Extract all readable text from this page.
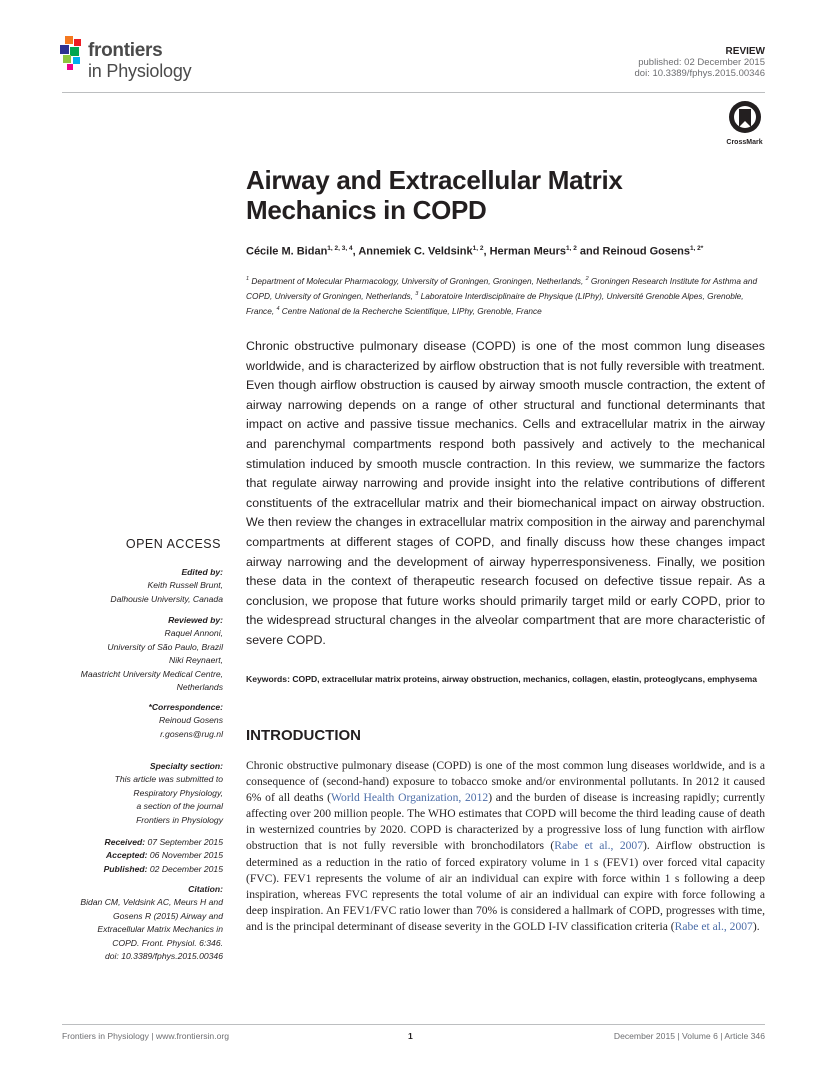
frontiers
in Physiology
REVIEW
published: 02 December 2015
doi: 10.3389/fphys.2015.00346
CrossMark
Airway and Extracellular Matrix
Mechanics in COPD
Cécile M. Bidan$^{1, 2, 3, 4}$, Annemiek C. Veldsink$^{1, 2}$, Herman Meurs$^{1, 2}$ and Reinoud Gosens$^{1, 2*}$
$^1$ Department of Molecular Pharmacology, University of Groningen, Groningen, Netherlands, $^2$ Groningen Research Institute for Asthma and COPD, University of Groningen, Netherlands, $^3$ Laboratoire Interdisciplinaire de Physique (LIPhy), Université Grenoble Alpes, Grenoble, France, $^4$ Centre National de la Recherche Scientifique, LIPhy, Grenoble, France
Chronic obstructive pulmonary disease (COPD) is one of the most common lung diseases worldwide, and is characterized by airflow obstruction that is not fully reversible with treatment. Even though airflow obstruction is caused by airway smooth muscle contraction, the extent of airway narrowing depends on a range of other structural and functional determinants that impact on active and passive tissue mechanics. Cells and extracellular matrix in the airway and parenchymal compartments respond both passively and actively to the mechanical stimulation induced by smooth muscle contraction. In this review, we summarize the factors that regulate airway narrowing and provide insight into the relative contributions of different constituents of the extracellular matrix and their biomechanical impact on airway obstruction. We then review the changes in extracellular matrix composition in the airway and parenchymal compartments at different stages of COPD, and finally discuss how these changes impact airway narrowing and the development of airway hyperresponsiveness. Finally, we position these data in the context of therapeutic research focused on defective tissue repair. As a conclusion, we propose that future works should primarily target mild or early COPD, prior to the widespread structural changes in the alveolar compartment that are more characteristic of severe COPD.
Keywords: COPD, extracellular matrix proteins, airway obstruction, mechanics, collagen, elastin, proteoglycans, emphysema
INTRODUCTION
Chronic obstructive pulmonary disease (COPD) is one of the most common lung diseases worldwide, and is a consequence of (second-hand) exposure to tobacco smoke and/or environmental pollutants. In 2012 it caused 6% of all deaths (World Health Organization, 2012) and the burden of disease is increasing rapidly; currently affecting over 200 million people. The WHO estimates that COPD will become the third leading cause of death in westernized countries by 2020. COPD is characterized by a progressive loss of lung function with airflow obstruction that is not fully reversible with bronchodilators (Rabe et al., 2007). Airflow obstruction is determined as a reduction in the ratio of forced expiratory volume in 1 s (FEV1) over forced vital capacity (FVC). FEV1 represents the volume of air an individual can expire with force within 1 s following a deep inspiration, whereas FVC represents the total volume of air an individual can expire with force following a deep inspiration. An FEV1/FVC ratio lower than 70% is considered a hallmark of COPD, progresses with time, and is the principal determinant of disease severity in the GOLD I-IV classification criteria (Rabe et al., 2007).
OPEN ACCESS
Edited by:
Keith Russell Brunt,
Dalhousie University, Canada
Reviewed by:
Raquel Annoni,
University of São Paulo, Brazil
Niki Reynaert,
Maastricht University Medical Centre,
Netherlands
*Correspondence:
Reinoud Gosens
r.gosens@rug.nl
Specialty section:
This article was submitted to
Respiratory Physiology,
a section of the journal
Frontiers in Physiology
Received: 07 September 2015
Accepted: 06 November 2015
Published: 02 December 2015
Citation:
Bidan CM, Veldsink AC, Meurs H and
Gosens R (2015) Airway and
Extracellular Matrix Mechanics in
COPD. Front. Physiol. 6:346.
doi: 10.3389/fphys.2015.00346
Frontiers in Physiology | www.frontiersin.org	1	December 2015 | Volume 6 | Article 346
